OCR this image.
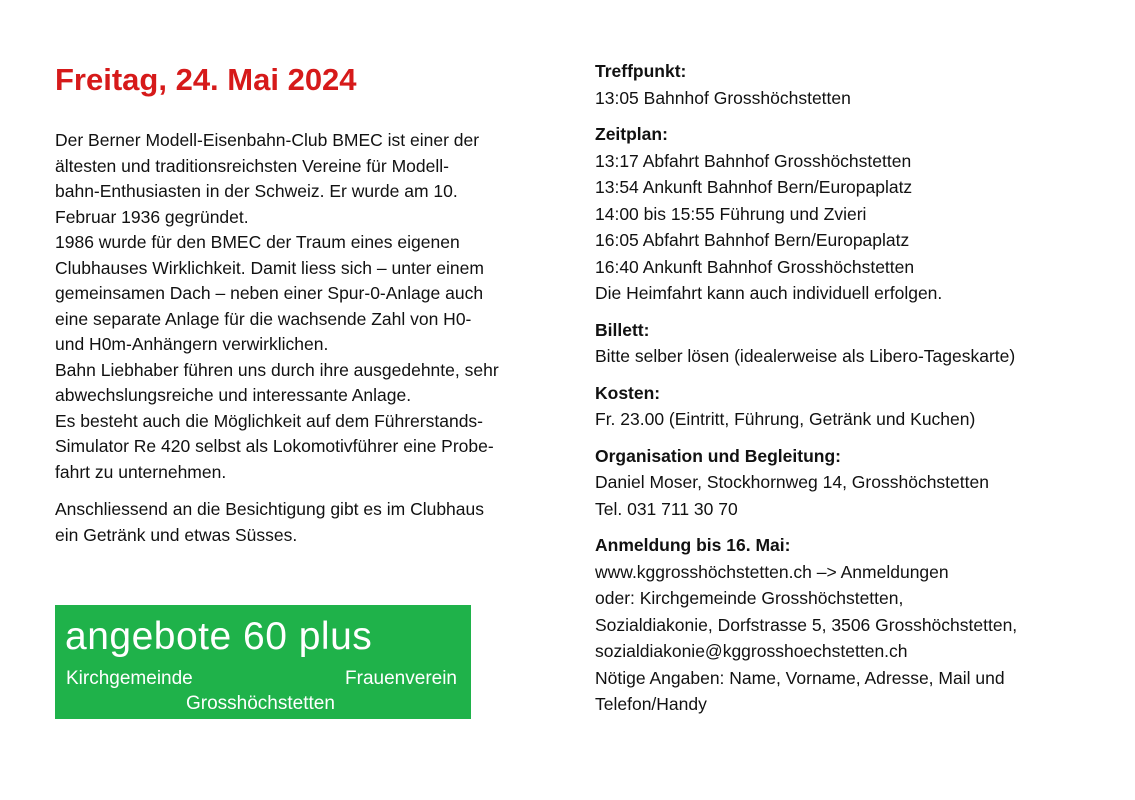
Freitag, 24. Mai 2024

Der Berner Modell-Eisenbahn-Club BMEC ist einer der
ältesten und traditionsreichsten Vereine für Modell-
bahn-Enthusiasten in der Schweiz. Er wurde am 10.
Februar 1936 gegründet.
1986 wurde für den BMEC der Traum eines eigenen
Clubhauses Wirklichkeit. Damit liess sich – unter einem
gemeinsamen Dach – neben einer Spur-0-Anlage auch
eine separate Anlage für die wachsende Zahl von H0-
und H0m-Anhängern verwirklichen.
Bahn Liebhaber führen uns durch ihre ausgedehnte, sehr
abwechslungsreiche und interessante Anlage.
Es besteht auch die Möglichkeit auf dem Führerstands-
Simulator Re 420 selbst als Lokomotivführer eine Probe-
fahrt zu unternehmen.

Anschliessend an die Besichtigung gibt es im Clubhaus
ein Getränk und etwas Süsses.

angebote 60 plus
Kirchgemeinde	Frauenverein
Grosshöchstetten
Treffpunkt:
13:05 Bahnhof Grosshöchstetten
Zeitplan:
13:17 Abfahrt Bahnhof Grosshöchstetten
13:54 Ankunft Bahnhof Bern/Europaplatz
14:00 bis 15:55 Führung und Zvieri
16:05 Abfahrt Bahnhof Bern/Europaplatz
16:40 Ankunft Bahnhof Grosshöchstetten
Die Heimfahrt kann auch individuell erfolgen.
Billett:
Bitte selber lösen (idealerweise als Libero-Tageskarte)
Kosten:
Fr. 23.00 (Eintritt, Führung, Getränk und Kuchen)
Organisation und Begleitung:
Daniel Moser, Stockhornweg 14, Grosshöchstetten
Tel. 031 711 30 70
Anmeldung bis 16. Mai:
www.kggrosshöchstetten.ch –> Anmeldungen
oder: Kirchgemeinde Grosshöchstetten,
Sozialdiakonie, Dorfstrasse 5, 3506 Grosshöchstetten,
sozialdiakonie@kggrosshoechstetten.ch
Nötige Angaben: Name, Vorname, Adresse, Mail und
Telefon/Handy
